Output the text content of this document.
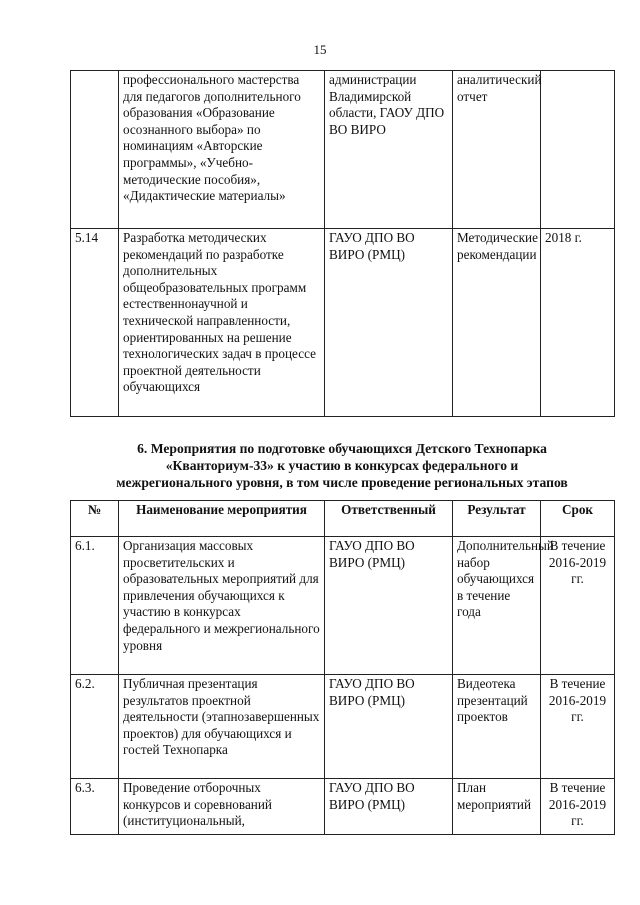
15
	профессионального мастерства для педагогов дополнительного образования «Образование осознанного выбора» по номинациям «Авторские программы», «Учебно-методические пособия», «Дидактические материалы»	администрации Владимирской области, ГАОУ ДПО ВО ВИРО	аналитический отчет	
5.14	Разработка методических рекомендаций по разработке дополнительных общеобразовательных программ естественнонаучной и технической направленности, ориентированных на решение технологических задач в процессе проектной деятельности обучающихся	ГАУО ДПО ВО ВИРО (РМЦ)	Методические рекомендации	2018 г.
6. Мероприятия по подготовке обучающихся Детского Технопарка
«Кванториум-33» к участию в конкурсах федерального и
межрегионального уровня, в том числе проведение региональных этапов
№	Наименование мероприятия	Ответственный	Результат	Срок
6.1.	Организация массовых просветительских и образовательных мероприятий для привлечения обучающихся к участию в конкурсах федерального и межрегионального уровня	ГАУО ДПО ВО ВИРО (РМЦ)	Дополнительный набор обучающихся в течение года	В течение 2016-2019 гг.
6.2.	Публичная презентация результатов проектной деятельности (этапнозавершенных проектов) для обучающихся и гостей Технопарка	ГАУО ДПО ВО ВИРО (РМЦ)	Видеотека презентаций проектов	В течение 2016-2019 гг.
6.3.	Проведение отборочных конкурсов и соревнований (институциональный,	ГАУО ДПО ВО ВИРО (РМЦ)	План мероприятий	В течение 2016-2019 гг.
